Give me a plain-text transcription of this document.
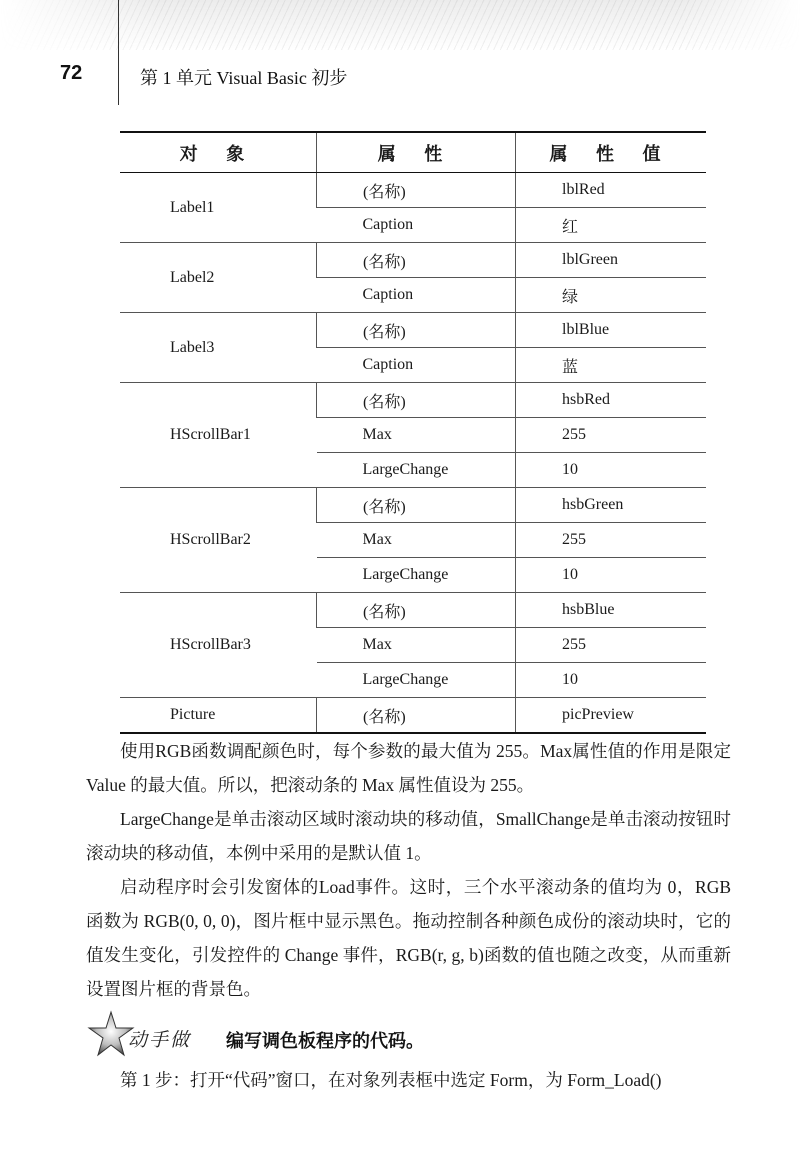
72	第 1 单元 Visual Basic 初步
对 象	属 性	属 性 值
Label1	(名称)	lblRed
	Caption	红
Label2	(名称)	lblGreen
	Caption	绿
Label3	(名称)	lblBlue
	Caption	蓝
HScrollBar1	(名称)	hsbRed
	Max	255
	LargeChange	10
HScrollBar2	(名称)	hsbGreen
	Max	255
	LargeChange	10
HScrollBar3	(名称)	hsbBlue
	Max	255
	LargeChange	10
Picture	(名称)	picPreview

使用RGB函数调配颜色时，每个参数的最大值为 255。Max属性值的作用是限定 Value 的最大值。所以，把滚动条的 Max 属性值设为 255。

LargeChange是单击滚动区域时滚动块的移动值，SmallChange是单击滚动按钮时滚动块的移动值，本例中采用的是默认值 1。

启动程序时会引发窗体的Load事件。这时，三个水平滚动条的值均为 0，RGB 函数为 RGB(0, 0, 0)，图片框中显示黑色。拖动控制各种颜色成份的滚动块时，它的值发生变化，引发控件的 Change 事件，RGB(r, g, b)函数的值也随之改变，从而重新设置图片框的背景色。

动手做 编写调色板程序的代码。
第 1 步：打开“代码”窗口，在对象列表框中选定 Form，为 Form_Load()
